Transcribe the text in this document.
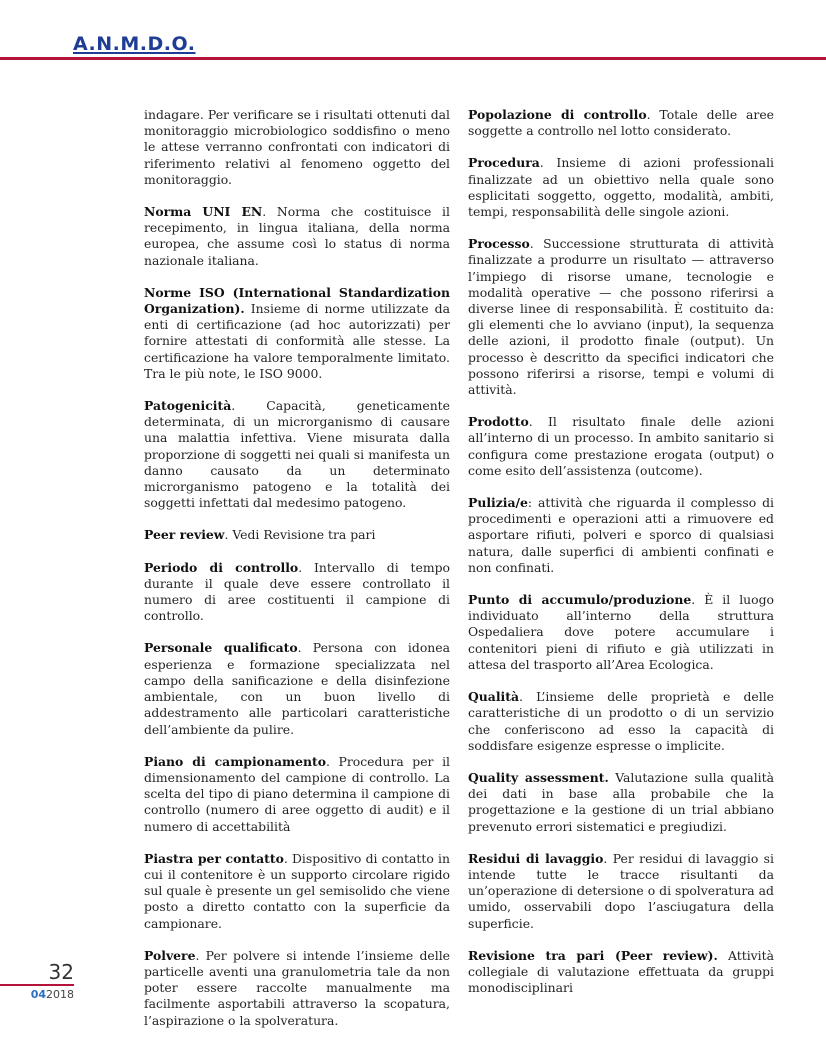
A.N.M.D.O.

indagare. Per verificare se i risultati ottenuti dal monitoraggio microbiologico soddisfino o meno le attese verranno confrontati con indicatori di riferimento relativi al fenomeno oggetto del monitoraggio.

Norma UNI EN. Norma che costituisce il recepimento, in lingua italiana, della norma europea, che assume così lo status di norma nazionale italiana.

Norme ISO (International Standardization Organization). Insieme di norme utilizzate da enti di certificazione (ad hoc autorizzati) per fornire attestati di conformità alle stesse. La certificazione ha valore temporalmente limitato. Tra le più note, le ISO 9000.

Patogenicità. Capacità, geneticamente determinata, di un microrganismo di causare una malattia infettiva. Viene misurata dalla proporzione di soggetti nei quali si manifesta un danno causato da un determinato microrganismo patogeno e la totalità dei soggetti infettati dal medesimo patogeno.

Peer review. Vedi Revisione tra pari

Periodo di controllo. Intervallo di tempo durante il quale deve essere controllato il numero di aree costituenti il campione di controllo.

Personale qualificato. Persona con idonea esperienza e formazione specializzata nel campo della sanificazione e della disinfezione ambientale, con un buon livello di addestramento alle particolari caratteristiche dell’ambiente da pulire.

Piano di campionamento. Procedura per il dimensionamento del campione di controllo. La scelta del tipo di piano determina il campione di controllo (numero di aree oggetto di audit) e il numero di accettabilità

Piastra per contatto. Dispositivo di contatto in cui il contenitore è un supporto circolare rigido sul quale è presente un gel semisolido che viene posto a diretto contatto con la superficie da campionare.

Polvere. Per polvere si intende l’insieme delle particelle aventi una granulometria tale da non poter essere raccolte manualmente ma facilmente asportabili attraverso la scopatura, l’aspirazione o la spolveratura.

Popolazione di controllo. Totale delle aree soggette a controllo nel lotto considerato.

Procedura. Insieme di azioni professionali finalizzate ad un obiettivo nella quale sono esplicitati soggetto, oggetto, modalità, ambiti, tempi, responsabilità delle singole azioni.

Processo. Successione strutturata di attività finalizzate a produrre un risultato — attraverso l’impiego di risorse umane, tecnologie e modalità operative — che possono riferirsi a diverse linee di responsabilità. È costituito da: gli elementi che lo avviano (input), la sequenza delle azioni, il prodotto finale (output). Un processo è descritto da specifici indicatori che possono riferirsi a risorse, tempi e volumi di attività.

Prodotto. Il risultato finale delle azioni all’interno di un processo. In ambito sanitario si configura come prestazione erogata (output) o come esito dell’assistenza (outcome).

Pulizia/e: attività che riguarda il complesso di procedimenti e operazioni atti a rimuovere ed asportare rifiuti, polveri e sporco di qualsiasi natura, dalle superfici di ambienti confinati e non confinati.

Punto di accumulo/produzione. È il luogo individuato all’interno della struttura Ospedaliera dove potere accumulare i contenitori pieni di rifiuto e già utilizzati in attesa del trasporto all’Area Ecologica.

Qualità. L’insieme delle proprietà e delle caratteristiche di un prodotto o di un servizio che conferiscono ad esso la capacità di soddisfare esigenze espresse o implicite.

Quality assessment. Valutazione sulla qualità dei dati in base alla probabile che la progettazione e la gestione di un trial abbiano prevenuto errori sistematici e pregiudizi.

Residui di lavaggio. Per residui di lavaggio si intende tutte le tracce risultanti da un’operazione di detersione o di spolveratura ad umido, osservabili dopo l’asciugatura della superficie.

Revisione tra pari (Peer review). Attività collegiale di valutazione effettuata da gruppi monodisciplinari

32
042018
